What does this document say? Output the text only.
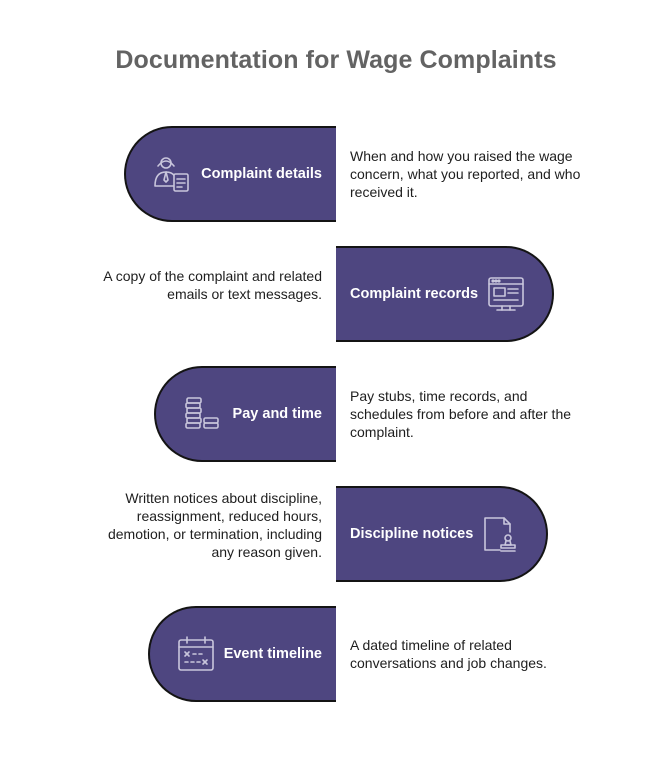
Documentation for Wage Complaints
Complaint details
When and how you raised the wage concern, what you reported, and who received it.
Complaint records
A copy of the complaint and related emails or text messages.
Pay and time
Pay stubs, time records, and schedules from before and after the complaint.
Discipline notices
Written notices about discipline, reassignment, reduced hours, demotion, or termination, including any reason given.
Event timeline
A dated timeline of related conversations and job changes.
